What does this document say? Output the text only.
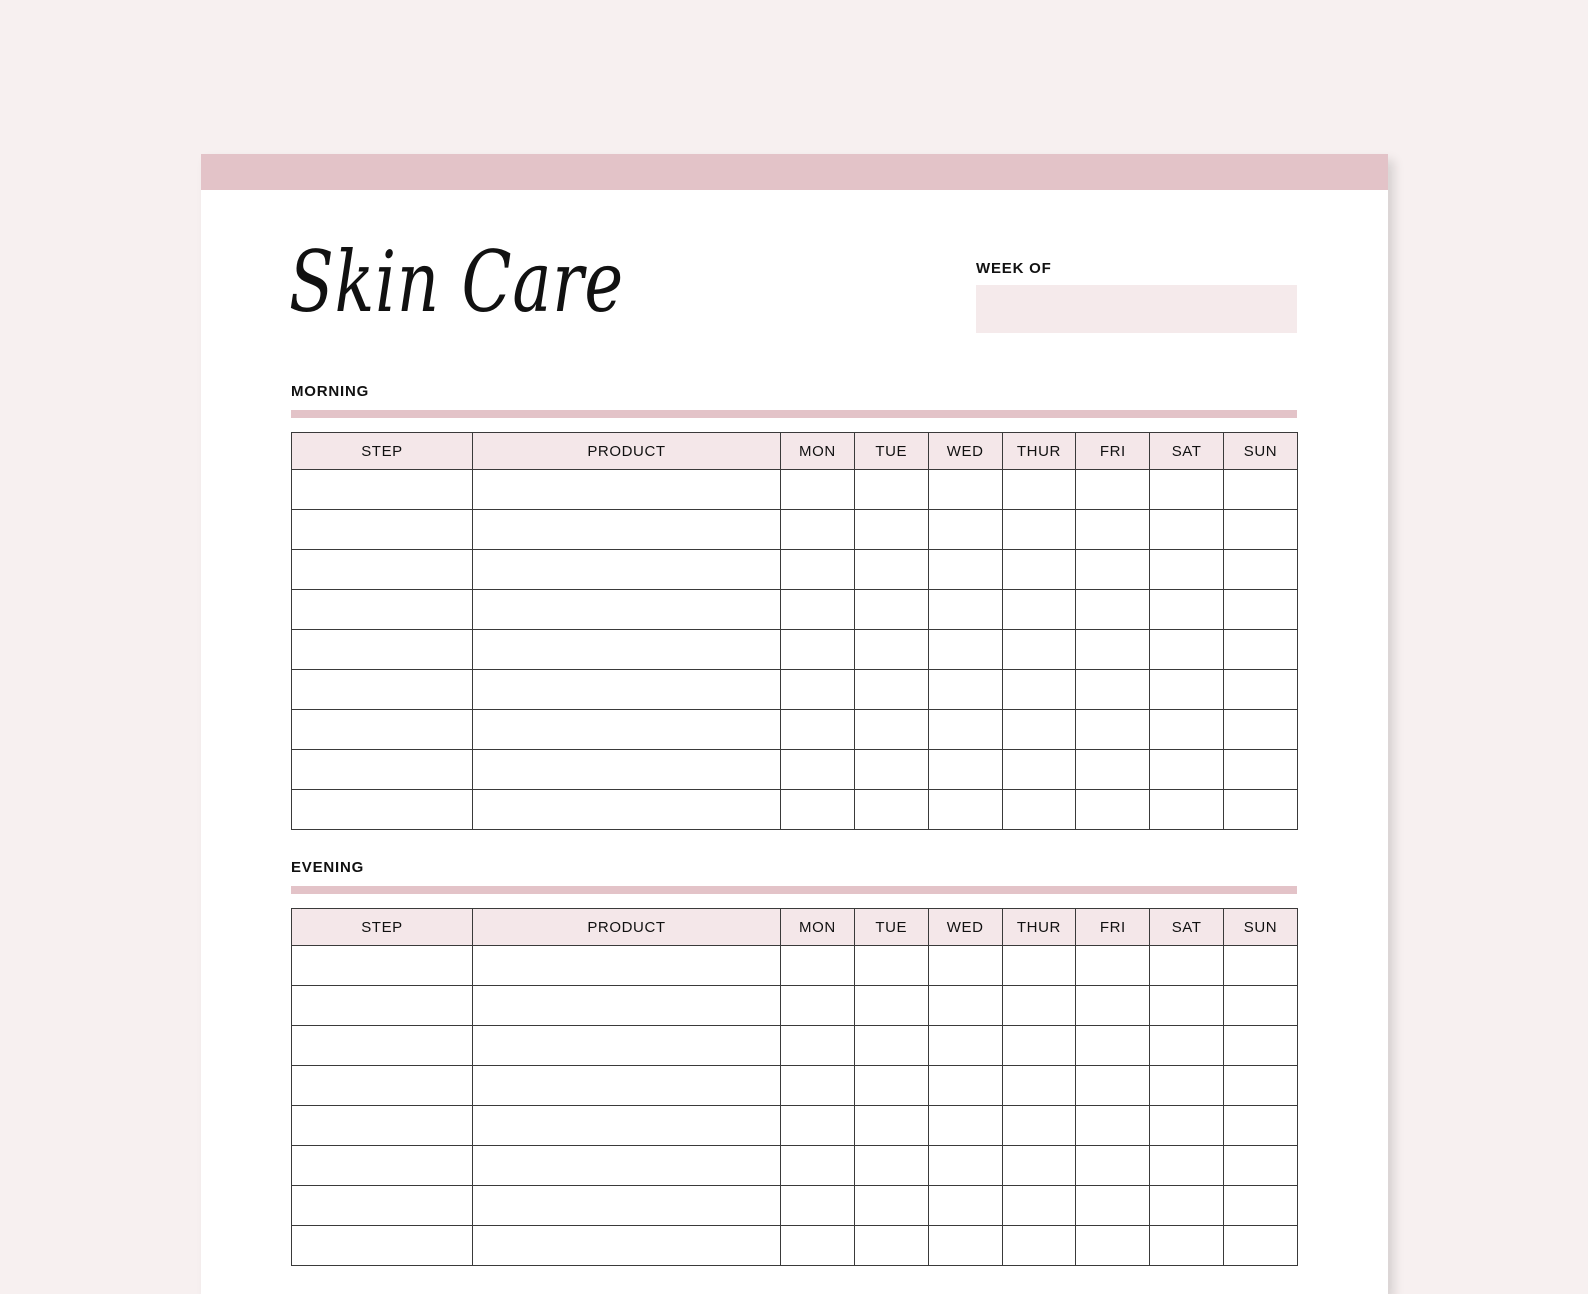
Skin Care	WEEK OF
MORNING
STEP	PRODUCT	MON	TUE	WED	THUR	FRI	SAT	SUN

EVENING
STEP	PRODUCT	MON	TUE	WED	THUR	FRI	SAT	SUN
